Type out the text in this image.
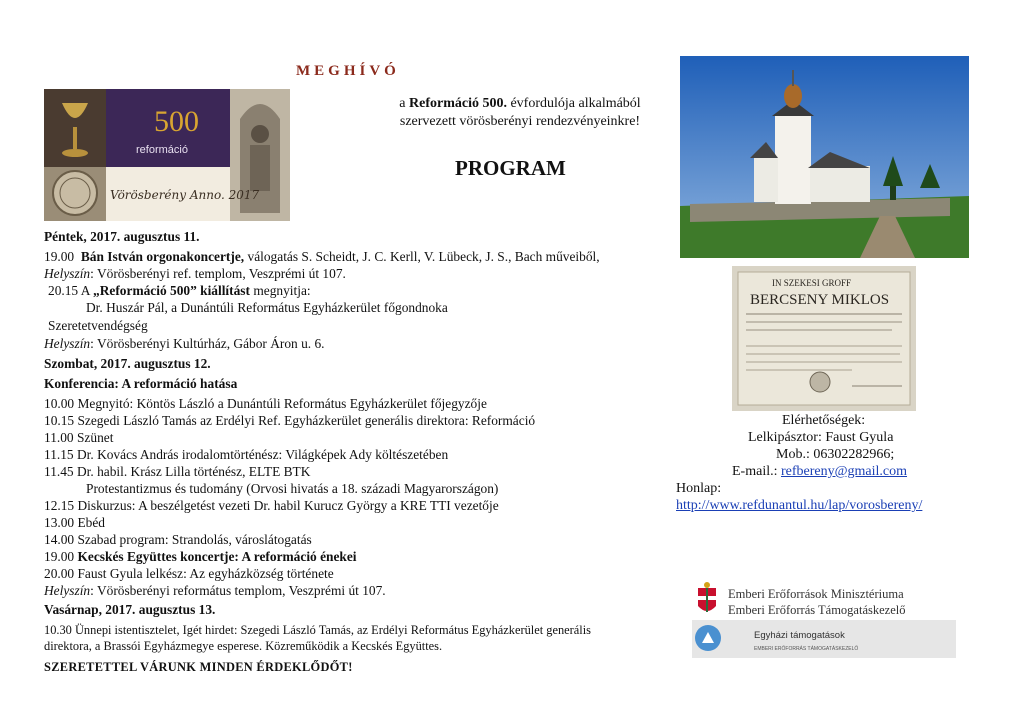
MEGHÍVÓ
500
reformáció
Vörösberény Anno. 2017
a Reformáció 500. évfordulója alkalmából
szervezett vörösberényi rendezvényeinkre!
PROGRAM
Péntek, 2017. augusztus 11.
19.00 Bán István orgonakoncertje, válogatás S. Scheidt, J. C. Kerll, V. Lübeck, J. S., Bach műveiből,
Helyszín: Vörösberényi ref. templom, Veszprémi út 107.
20.15 A „Reformáció 500” kiállítást megnyitja:
Dr. Huszár Pál, a Dunántúli Református Egyházkerület főgondnoka
Szeretetvendégség
Helyszín: Vörösberényi Kultúrház, Gábor Áron u. 6.
Szombat, 2017. augusztus 12.
Konferencia: A reformáció hatása
10.00 Megnyitó: Köntös László a Dunántúli Református Egyházkerület főjegyzője
10.15 Szegedi László Tamás az Erdélyi Ref. Egyházkerület generális direktora: Reformáció
11.00 Szünet
11.15 Dr. Kovács András irodalomtörténész: Világképek Ady költészetében
11.45 Dr. habil. Krász Lilla történész, ELTE BTK
Protestantizmus és tudomány (Orvosi hivatás a 18. századi Magyarországon)
12.15 Diskurzus: A beszélgetést vezeti Dr. habil Kurucz György a KRE TTI vezetője
13.00 Ebéd
14.00 Szabad program: Strandolás, városlátogatás
19.00 Kecskés Együttes koncertje: A reformáció énekei
20.00 Faust Gyula lelkész: Az egyházközség története
Helyszín: Vörösberényi református templom, Veszprémi út 107.
Vasárnap, 2017. augusztus 13.
10.30 Ünnepi istentisztelet, Igét hirdet: Szegedi László Tamás, az Erdélyi Református Egyházkerület generális
direktora, a Brassói Egyházmegye esperese. Közreműködik a Kecskés Együttes.
SZERETETTEL VÁRUNK MINDEN ÉRDEKLŐDŐT!
IN SZEKESI GROFF
BERCSENY MIKLOS
Elérhetőségek:
Lelkipásztor: Faust Gyula
Mob.: 06302282966;
E-mail.: refbereny@gmail.com
Honlap:
http://www.refdunantul.hu/lap/vorosbereny/
Emberi Erőforrások Minisztériuma
Emberi Erőforrás Támogatáskezelő
Egyházi támogatások
EMBERI ERŐFORRÁS TÁMOGATÁSKEZELŐ
